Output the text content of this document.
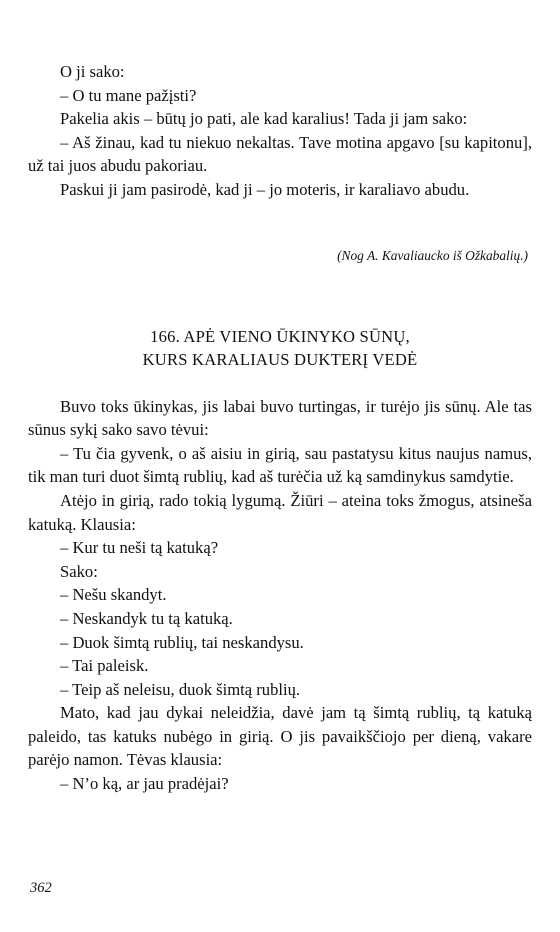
O ji sako:

– O tu mane pažįsti?

Pakelia akis – būtų jo pati, ale kad karalius! Tada ji jam sako:

– Aš žinau, kad tu niekuo nekaltas. Tave motina apgavo [su kapitonu], už tai juos abudu pakoriau.

Paskui ji jam pasirodė, kad ji – jo moteris, ir karaliavo abudu.

(Nog A. Kavaliaucko iš Ožkabalių.)

166. APĖ VIENO ŪKINYKO SŪNŲ,
KURS KARALIAUS DUKTERĮ VEDĖ

Buvo toks ūkinykas, jis labai buvo turtingas, ir turėjo jis sūnų. Ale tas sūnus sykį sako savo tėvui:

– Tu čia gyvenk, o aš aisiu in girią, sau pastatysu kitus naujus namus, tik man turi duot šimtą rublių, kad aš turėčia už ką samdinykus samdytie.

Atėjo in girią, rado tokią lygumą. Žiūri – ateina toks žmogus, atsineša katuką. Klausia:

– Kur tu neši tą katuką?

Sako:

– Nešu skandyt.

– Neskandyk tu tą katuką.

– Duok šimtą rublių, tai neskandysu.

– Tai paleisk.

– Teip aš neleisu, duok šimtą rublių.

Mato, kad jau dykai neleidžia, davė jam tą šimtą rublių, tą katuką paleido, tas katuks nubėgo in girią. O jis pavaikščiojo per dieną, vakare parėjo namon. Tėvas klausia:

– N’o ką, ar jau pradėjai?

362
